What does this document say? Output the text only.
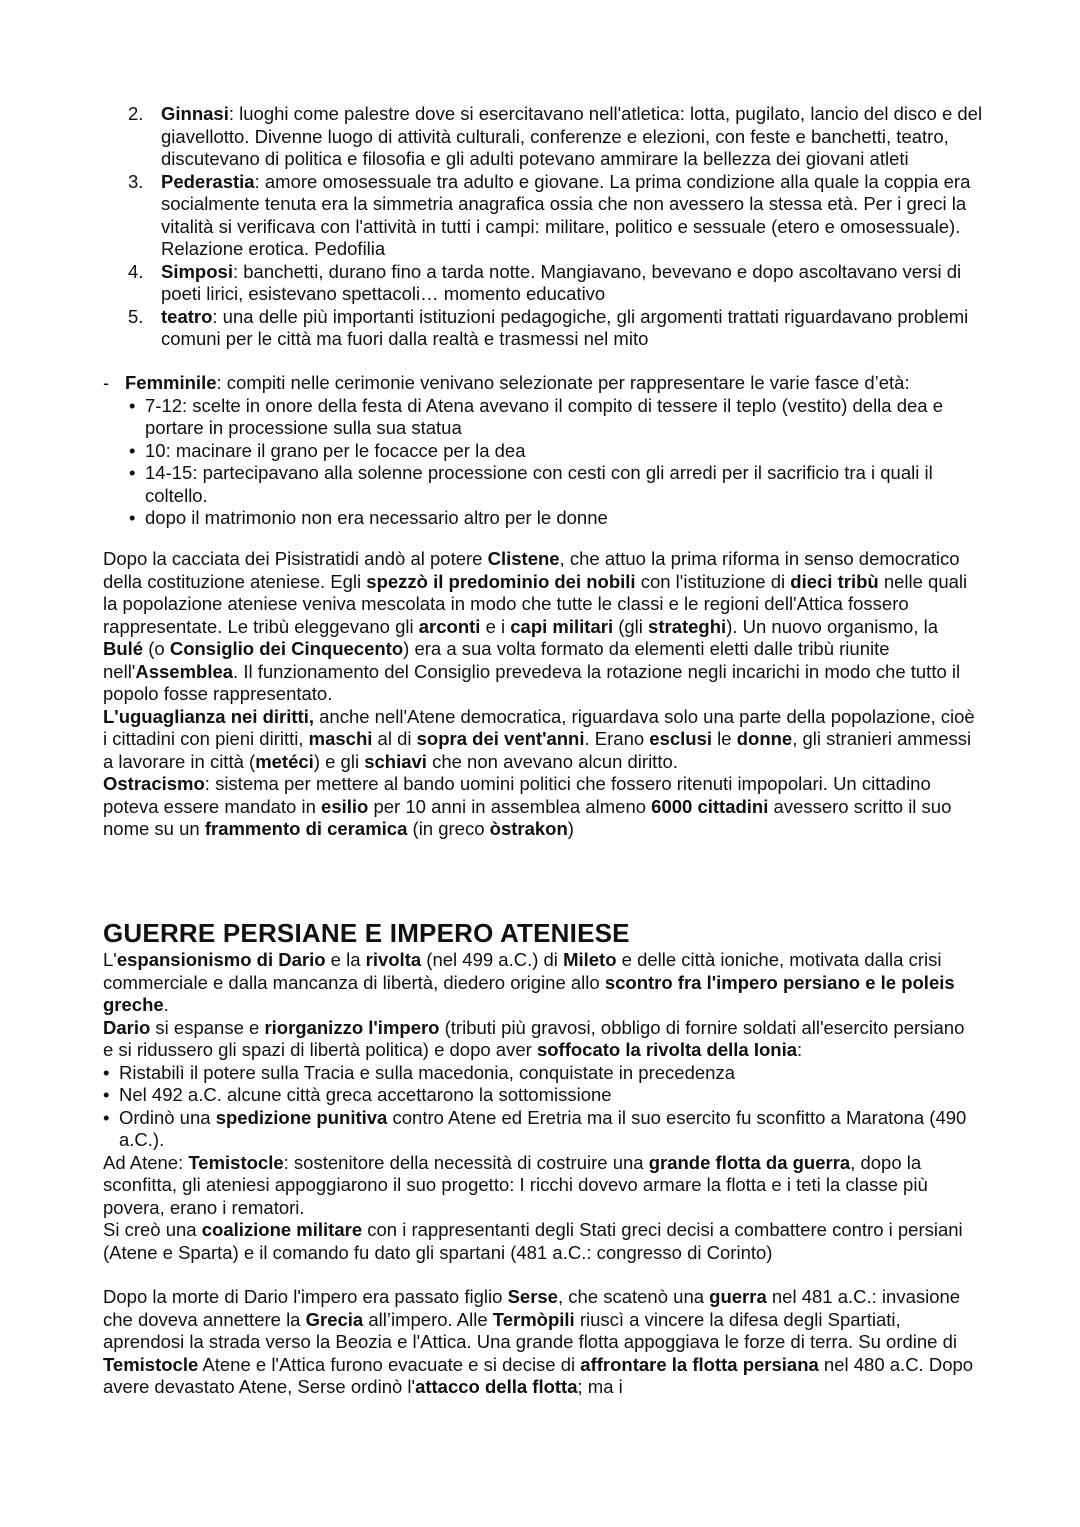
2. Ginnasi: luoghi come palestre dove si esercitavano nell'atletica: lotta, pugilato, lancio del disco e del giavellotto. Divenne luogo di attività culturali, conferenze e elezioni, con feste e banchetti, teatro, discutevano di politica e filosofia e gli adulti potevano ammirare la bellezza dei giovani atleti

3. Pederastia: amore omosessuale tra adulto e giovane. La prima condizione alla quale la coppia era socialmente tenuta era la simmetria anagrafica ossia che non avessero la stessa età. Per i greci la vitalità si verificava con l'attività in tutti i campi: militare, politico e sessuale (etero e omosessuale). Relazione erotica. Pedofilia

4. Simposi: banchetti, durano fino a tarda notte. Mangiavano, bevevano e dopo ascoltavano versi di poeti lirici, esistevano spettacoli… momento educativo

5. teatro: una delle più importanti istituzioni pedagogiche, gli argomenti trattati riguardavano problemi comuni per le città ma fuori dalla realtà e trasmessi nel mito

- Femminile: compiti nelle cerimonie venivano selezionate per rappresentare le varie fasce d’età:

• 7-12: scelte in onore della festa di Atena avevano il compito di tessere il teplo (vestito) della dea e portare in processione sulla sua statua

• 10: macinare il grano per le focacce per la dea

• 14-15: partecipavano alla solenne processione con cesti con gli arredi per il sacrificio tra i quali il coltello.

• dopo il matrimonio non era necessario altro per le donne

Dopo la cacciata dei Pisistratidi andò al potere Clistene, che attuo la prima riforma in senso democratico della costituzione ateniese. Egli spezzò il predominio dei nobili con l'istituzione di dieci tribù nelle quali la popolazione ateniese veniva mescolata in modo che tutte le classi e le regioni dell'Attica fossero rappresentate. Le tribù eleggevano gli arconti e i capi militari (gli strateghi). Un nuovo organismo, la Bulé (o Consiglio dei Cinquecento) era a sua volta formato da elementi eletti dalle tribù riunite nell'Assemblea. Il funzionamento del Consiglio prevedeva la rotazione negli incarichi in modo che tutto il popolo fosse rappresentato.

L'uguaglianza nei diritti, anche nell'Atene democratica, riguardava solo una parte della popolazione, cioè i cittadini con pieni diritti, maschi al di sopra dei vent'anni. Erano esclusi le donne, gli stranieri ammessi a lavorare in città (metéci) e gli schiavi che non avevano alcun diritto.

Ostracismo: sistema per mettere al bando uomini politici che fossero ritenuti impopolari. Un cittadino poteva essere mandato in esilio per 10 anni in assemblea almeno 6000 cittadini avessero scritto il suo nome su un frammento di ceramica (in greco òstrakon)

GUERRE PERSIANE E IMPERO ATENIESE

L'espansionismo di Dario e la rivolta (nel 499 a.C.) di Mileto e delle città ioniche, motivata dalla crisi commerciale e dalla mancanza di libertà, diedero origine allo scontro fra l'impero persiano e le poleis greche.

Dario si espanse e riorganizzo l'impero (tributi più gravosi, obbligo di fornire soldati all'esercito persiano e si ridussero gli spazi di libertà politica) e dopo aver soffocato la rivolta della Ionia:

• Ristabilì il potere sulla Tracia e sulla macedonia, conquistate in precedenza

• Nel 492 a.C. alcune città greca accettarono la sottomissione

• Ordinò una spedizione punitiva contro Atene ed Eretria ma il suo esercito fu sconfitto a Maratona (490 a.C.).

Ad Atene: Temistocle: sostenitore della necessità di costruire una grande flotta da guerra, dopo la sconfitta, gli ateniesi appoggiarono il suo progetto: I ricchi dovevo armare la flotta e i teti la classe più povera, erano i rematori.

Si creò una coalizione militare con i rappresentanti degli Stati greci decisi a combattere contro i persiani (Atene e Sparta) e il comando fu dato gli spartani (481 a.C.: congresso di Corinto)

Dopo la morte di Dario l'impero era passato figlio Serse, che scatenò una guerra nel 481 a.C.: invasione che doveva annettere la Grecia all’impero. Alle Termòpili riuscì a vincere la difesa degli Spartiati, aprendosi la strada verso la Beozia e l'Attica. Una grande flotta appoggiava le forze di terra. Su ordine di Temistocle Atene e l'Attica furono evacuate e si decise di affrontare la flotta persiana nel 480 a.C. Dopo avere devastato Atene, Serse ordinò l'attacco della flotta; ma i
